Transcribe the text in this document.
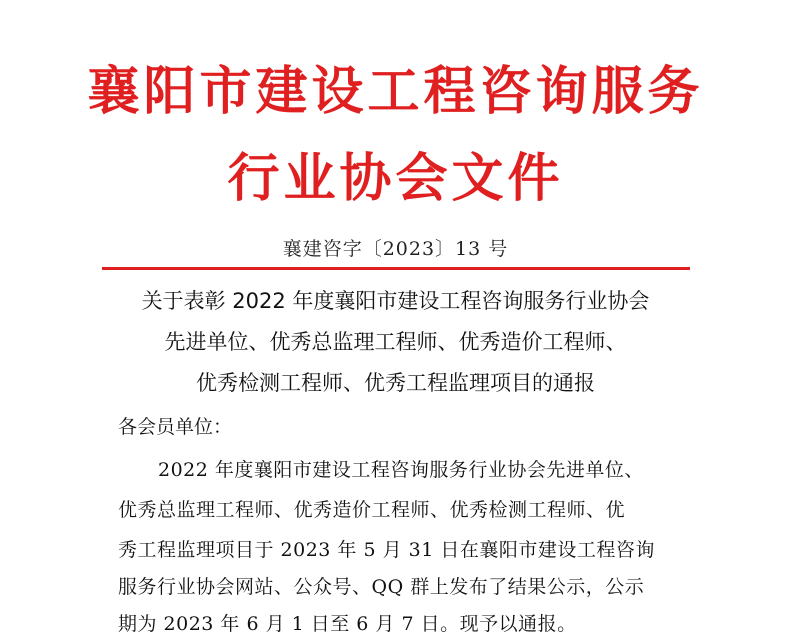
襄阳市建设工程咨询服务
行业协会文件
襄建咨字〔2023〕13 号
关于表彰 2022 年度襄阳市建设工程咨询服务行业协会
先进单位、优秀总监理工程师、优秀造价工程师、
优秀检测工程师、优秀工程监理项目的通报
各会员单位：
2022 年度襄阳市建设工程咨询服务行业协会先进单位、
优秀总监理工程师、优秀造价工程师、优秀检测工程师、优
秀工程监理项目于 2023 年 5 月 31 日在襄阳市建设工程咨询
服务行业协会网站、公众号、QQ 群上发布了结果公示，公示
期为 2023 年 6 月 1 日至 6 月 7 日。现予以通报。
